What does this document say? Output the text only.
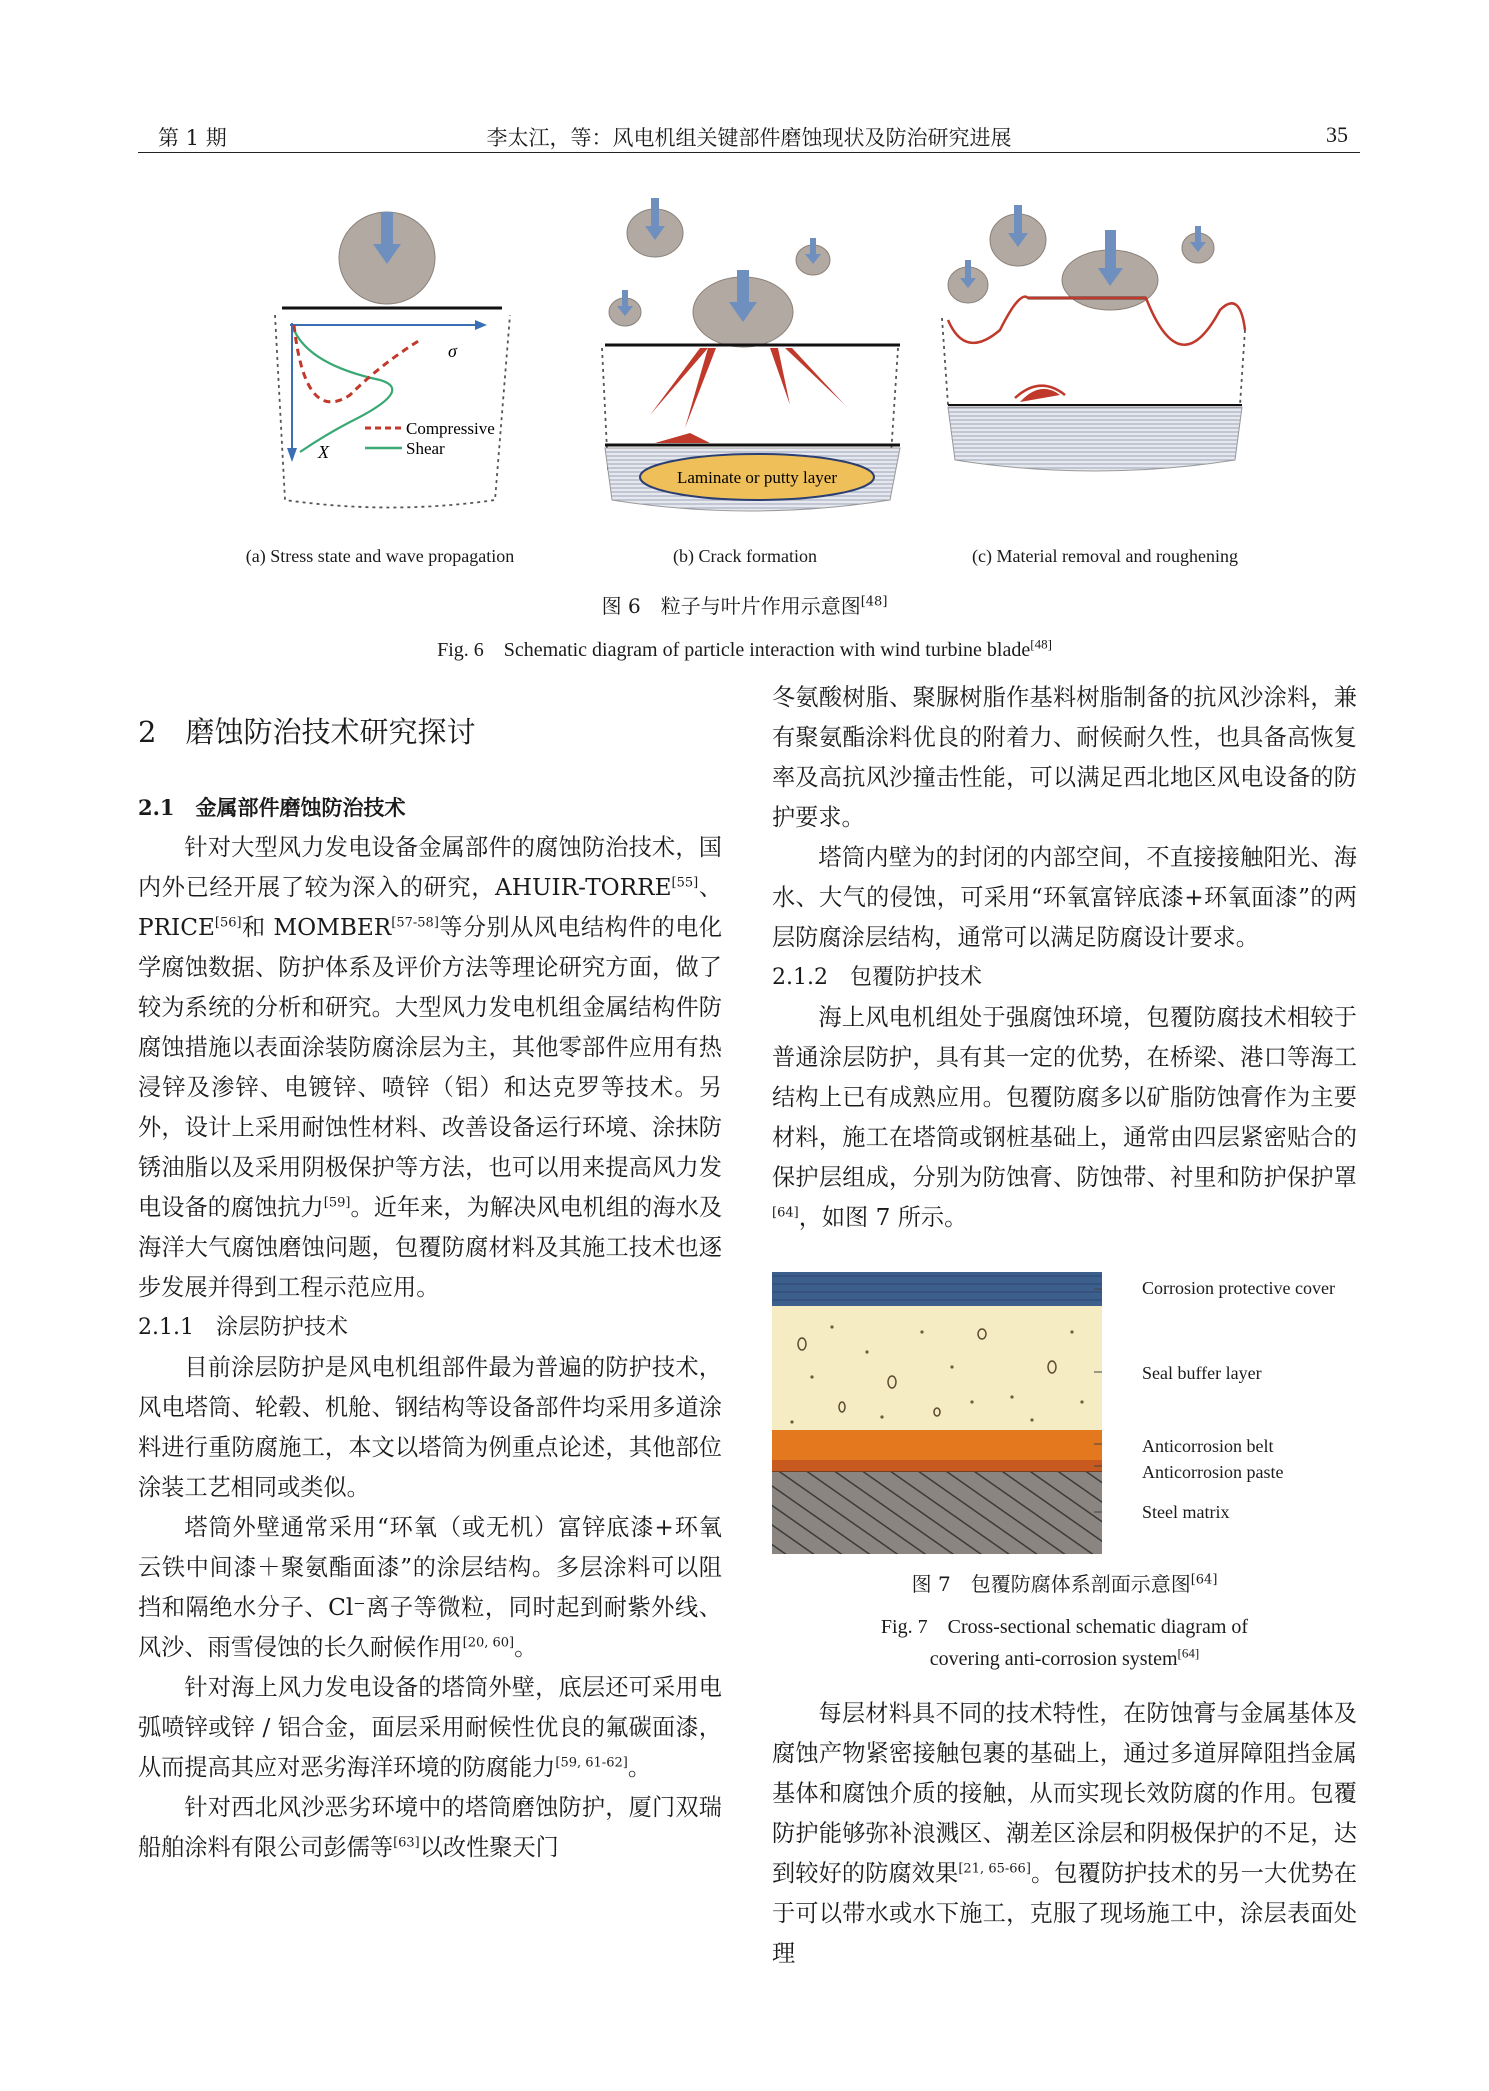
第 1 期	李太江，等：风电机组关键部件磨蚀现状及防治研究进展	35
σ
X
Compressive
Shear
Laminate or putty layer
(a) Stress state and wave propagation	(b) Crack formation	(c) Material removal and roughening
图 6　粒子与叶片作用示意图[48]
Fig. 6　Schematic diagram of particle interaction with wind turbine blade[48]
2　磨蚀防治技术研究探讨
2.1　金属部件磨蚀防治技术

针对大型风力发电设备金属部件的腐蚀防治技术，国内外已经开展了较为深入的研究，AHUIR-TORRE[55]、PRICE[56]和 MOMBER[57-58]等分别从风电结构件的电化学腐蚀数据、防护体系及评价方法等理论研究方面，做了较为系统的分析和研究。大型风力发电机组金属结构件防腐蚀措施以表面涂装防腐涂层为主，其他零部件应用有热浸锌及渗锌、电镀锌、喷锌（铝）和达克罗等技术。另外，设计上采用耐蚀性材料、改善设备运行环境、涂抹防锈油脂以及采用阴极保护等方法，也可以用来提高风力发电设备的腐蚀抗力[59]。近年来，为解决风电机组的海水及海洋大气腐蚀磨蚀问题，包覆防腐材料及其施工技术也逐步发展并得到工程示范应用。

2.1.1　涂层防护技术

目前涂层防护是风电机组部件最为普遍的防护技术，风电塔筒、轮毂、机舱、钢结构等设备部件均采用多道涂料进行重防腐施工，本文以塔筒为例重点论述，其他部位涂装工艺相同或类似。

塔筒外壁通常采用“环氧（或无机）富锌底漆+环氧云铁中间漆＋聚氨酯面漆”的涂层结构。多层涂料可以阻挡和隔绝水分子、Cl⁻离子等微粒，同时起到耐紫外线、风沙、雨雪侵蚀的长久耐候作用[20, 60]。

针对海上风力发电设备的塔筒外壁，底层还可采用电弧喷锌或锌 / 铝合金，面层采用耐候性优良的氟碳面漆，从而提高其应对恶劣海洋环境的防腐能力[59, 61-62]。

针对西北风沙恶劣环境中的塔筒磨蚀防护，厦门双瑞船舶涂料有限公司彭儒等[63]以改性聚天门

冬氨酸树脂、聚脲树脂作基料树脂制备的抗风沙涂料，兼有聚氨酯涂料优良的附着力、耐候耐久性，也具备高恢复率及高抗风沙撞击性能，可以满足西北地区风电设备的防护要求。

塔筒内壁为的封闭的内部空间，不直接接触阳光、海水、大气的侵蚀，可采用“环氧富锌底漆+环氧面漆”的两层防腐涂层结构，通常可以满足防腐设计要求。

2.1.2　包覆防护技术

海上风电机组处于强腐蚀环境，包覆防腐技术相较于普通涂层防护，具有其一定的优势，在桥梁、港口等海工结构上已有成熟应用。包覆防腐多以矿脂防蚀膏作为主要材料，施工在塔筒或钢桩基础上，通常由四层紧密贴合的保护层组成，分别为防蚀膏、防蚀带、衬里和防护保护罩[64]，如图 7 所示。

Corrosion protective cover
Seal buffer layer
Anticorrosion belt
Anticorrosion paste
Steel matrix
图 7　包覆防腐体系剖面示意图[64]
Fig. 7　Cross-sectional schematic diagram of
covering anti-corrosion system[64]

每层材料具不同的技术特性，在防蚀膏与金属基体及腐蚀产物紧密接触包裹的基础上，通过多道屏障阻挡金属基体和腐蚀介质的接触，从而实现长效防腐的作用。包覆防护能够弥补浪溅区、潮差区涂层和阴极保护的不足，达到较好的防腐效果[21, 65-66]。包覆防护技术的另一大优势在于可以带水或水下施工，克服了现场施工中，涂层表面处理
